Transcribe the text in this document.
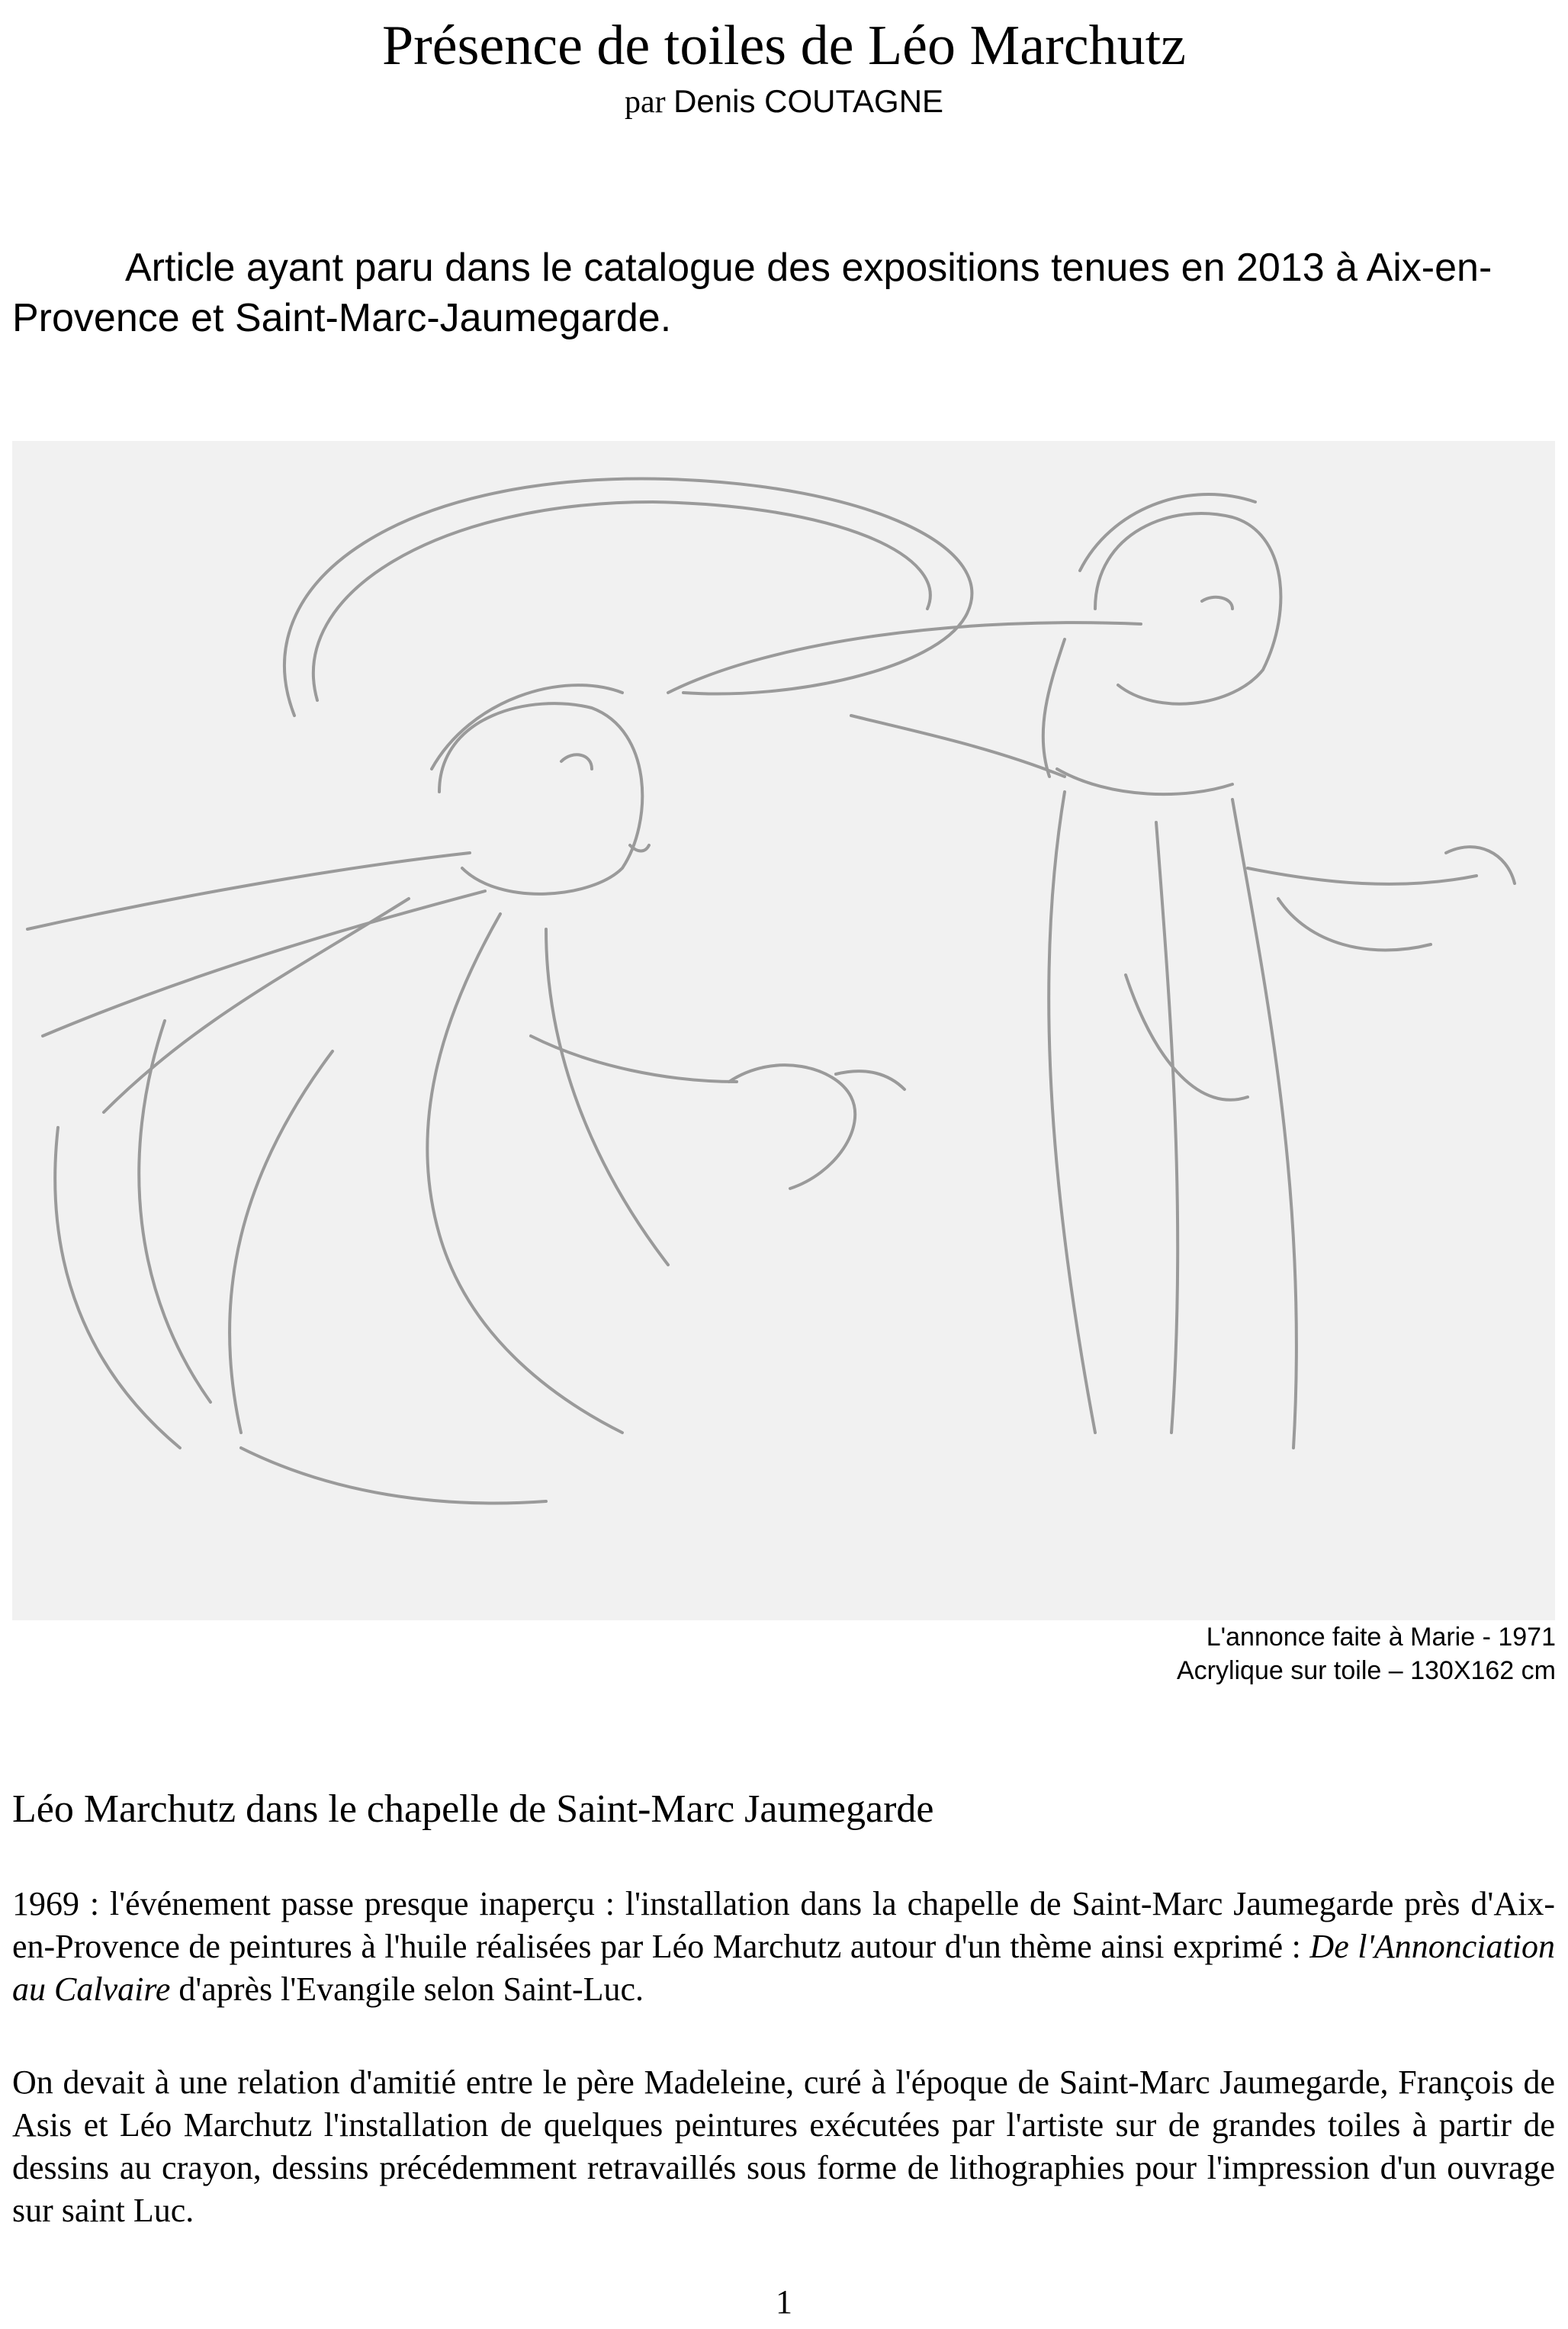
Présence de toiles de Léo Marchutz
par Denis COUTAGNE

Article ayant paru dans le catalogue des expositions tenues en 2013 à Aix-en-Provence et Saint-Marc-Jaumegarde.

L'annonce faite à Marie - 1971
Acrylique sur toile – 130X162 cm
Léo Marchutz dans le chapelle de Saint-Marc Jaumegarde

1969 : l'événement passe presque inaperçu : l'installation dans la chapelle de Saint-Marc Jaumegarde près d'Aix-en-Provence de peintures à l'huile réalisées par Léo Marchutz autour d'un thème ainsi exprimé : De l'Annonciation au Calvaire d'après l'Evangile selon Saint-Luc.

On devait à une relation d'amitié entre le père Madeleine, curé à l'époque de Saint-Marc Jaumegarde, François de Asis et Léo Marchutz l'installation de quelques peintures exécutées par l'artiste sur de grandes toiles à partir de dessins au crayon, dessins précédemment retravaillés sous forme de lithographies pour l'impression d'un ouvrage sur saint Luc.

1
